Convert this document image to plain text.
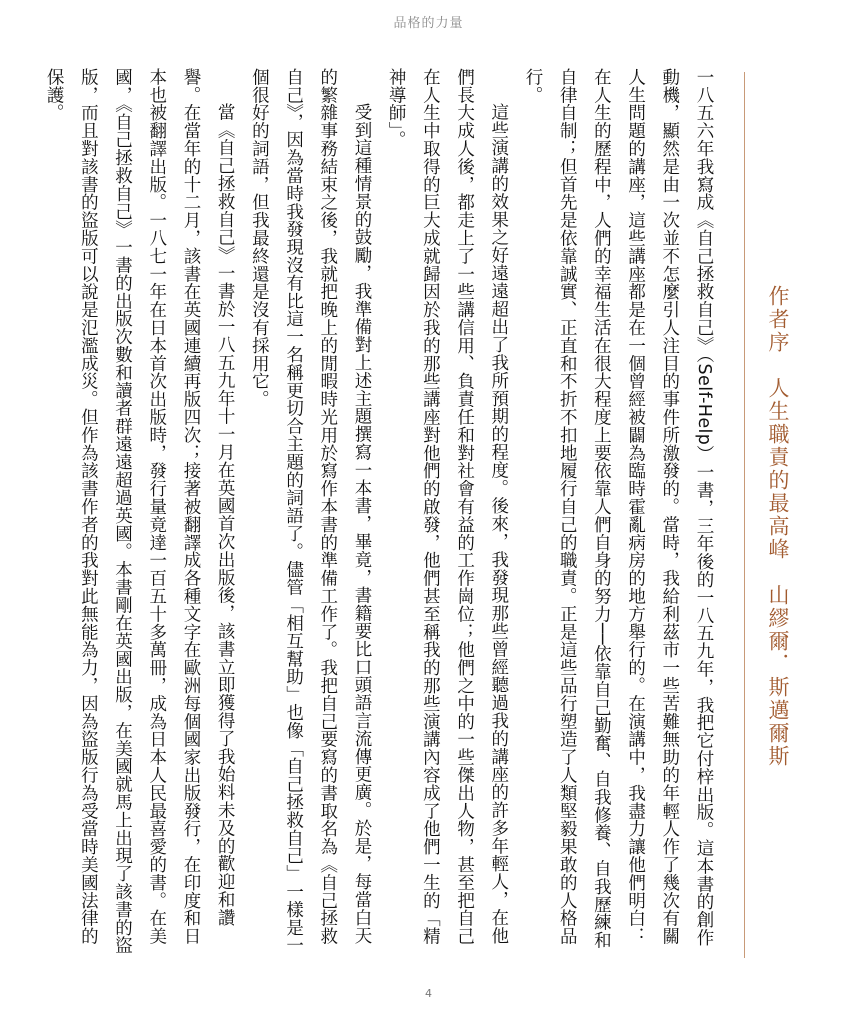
品格的力量
作者序　人生職責的最高峰　山繆爾．斯邁爾斯

一八五六年我寫成《自己拯救自己》（Self-Help）一書，三年後的一八五九年，我把它付梓出版。這本書的創作動機，顯然是由一次並不怎麼引人注目的事件所激發的。當時，我給利茲市一些苦難無助的年輕人作了幾次有關人生問題的講座，這些講座都是在一個曾經被闢為臨時霍亂病房的地方舉行的。在演講中，我盡力讓他們明白：在人生的歷程中，人們的幸福生活在很大程度上要依靠人們自身的努力──依靠自己勤奮、自我修養、自我歷練和自律自制；但首先是依靠誠實、正直和不折不扣地履行自己的職責。正是這些品行塑造了人類堅毅果敢的人格品行。

這些演講的效果之好遠遠超出了我所預期的程度。後來，我發現那些曾經聽過我的講座的許多年輕人，在他們長大成人後，都走上了一些講信用、負責任和對社會有益的工作崗位；他們之中的一些傑出人物，甚至把自己在人生中取得的巨大成就歸因於我的那些講座對他們的啟發，他們甚至稱我的那些演講內容成了他們一生的「精神導師」。

受到這種情景的鼓勵，我準備對上述主題撰寫一本書，畢竟，書籍要比口頭語言流傳更廣。於是，每當白天的繁雜事務結束之後，我就把晚上的閒暇時光用於寫作本書的準備工作了。我把自己要寫的書取名為《自己拯救自己》，因為當時我發現沒有比這一名稱更切合主題的詞語了。儘管「相互幫助」也像「自己拯救自己」一樣是一個很好的詞語，但我最終還是沒有採用它。

當《自己拯救自己》一書於一八五九年十一月在英國首次出版後，該書立即獲得了我始料未及的歡迎和讚譽。在當年的十二月，該書在英國連續再版四次；接著被翻譯成各種文字在歐洲每個國家出版發行，在印度和日本也被翻譯出版。一八七一年在日本首次出版時，發行量竟達一百五十多萬冊，成為日本人民最喜愛的書。在美國，《自己拯救自己》一書的出版次數和讀者群遠遠超過英國。本書剛在英國出版，在美國就馬上出現了該書的盜版，而且對該書的盜版可以說是氾濫成災。但作為該書作者的我對此無能為力，因為盜版行為受當時美國法律的保護。

4
